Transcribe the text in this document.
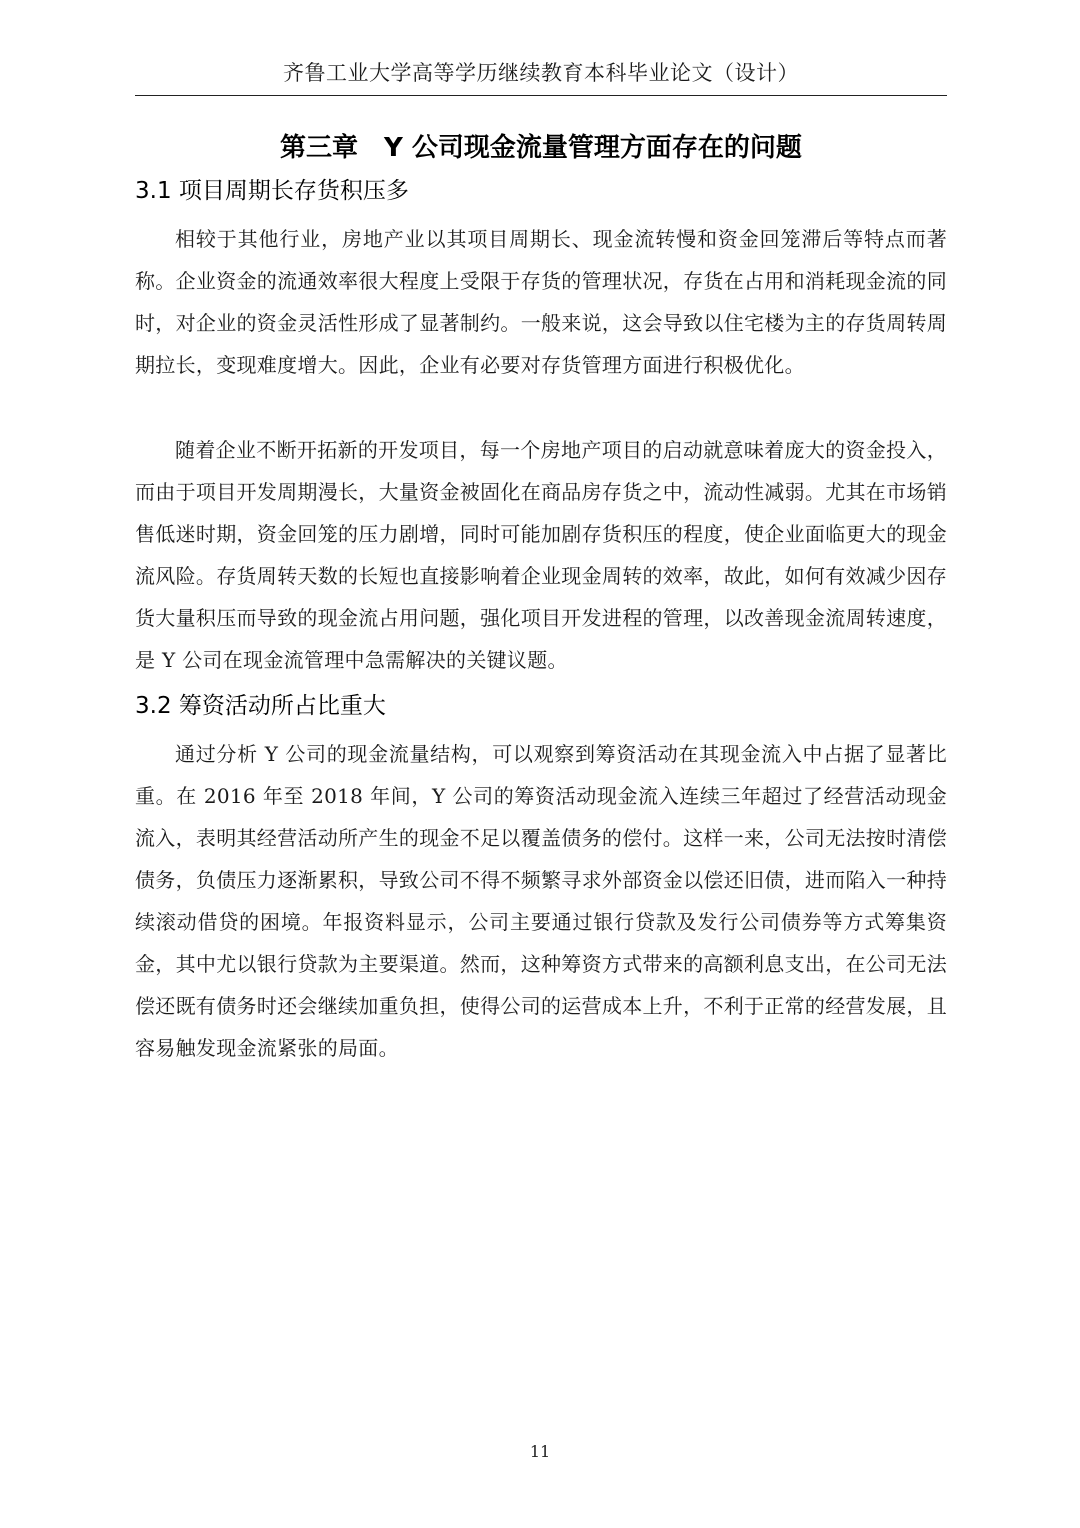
齐鲁工业大学高等学历继续教育本科毕业论文（设计）
第三章　Y 公司现金流量管理方面存在的问题
3.1 项目周期长存货积压多

相较于其他行业，房地产业以其项目周期长、现金流转慢和资金回笼滞后等特点而著称。企业资金的流通效率很大程度上受限于存货的管理状况，存货在占用和消耗现金流的同时，对企业的资金灵活性形成了显著制约。一般来说，这会导致以住宅楼为主的存货周转周期拉长，变现难度增大。因此，企业有必要对存货管理方面进行积极优化。

随着企业不断开拓新的开发项目，每一个房地产项目的启动就意味着庞大的资金投入，而由于项目开发周期漫长，大量资金被固化在商品房存货之中，流动性减弱。尤其在市场销售低迷时期，资金回笼的压力剧增，同时可能加剧存货积压的程度，使企业面临更大的现金流风险。存货周转天数的长短也直接影响着企业现金周转的效率，故此，如何有效减少因存货大量积压而导致的现金流占用问题，强化项目开发进程的管理，以改善现金流周转速度，是 Y 公司在现金流管理中急需解决的关键议题。

3.2 筹资活动所占比重大

通过分析 Y 公司的现金流量结构，可以观察到筹资活动在其现金流入中占据了显著比重。在 2016 年至 2018 年间，Y 公司的筹资活动现金流入连续三年超过了经营活动现金流入，表明其经营活动所产生的现金不足以覆盖债务的偿付。这样一来，公司无法按时清偿债务，负债压力逐渐累积，导致公司不得不频繁寻求外部资金以偿还旧债，进而陷入一种持续滚动借贷的困境。年报资料显示，公司主要通过银行贷款及发行公司债券等方式筹集资金，其中尤以银行贷款为主要渠道。然而，这种筹资方式带来的高额利息支出，在公司无法偿还既有债务时还会继续加重负担，使得公司的运营成本上升，不利于正常的经营发展，且容易触发现金流紧张的局面。

11
